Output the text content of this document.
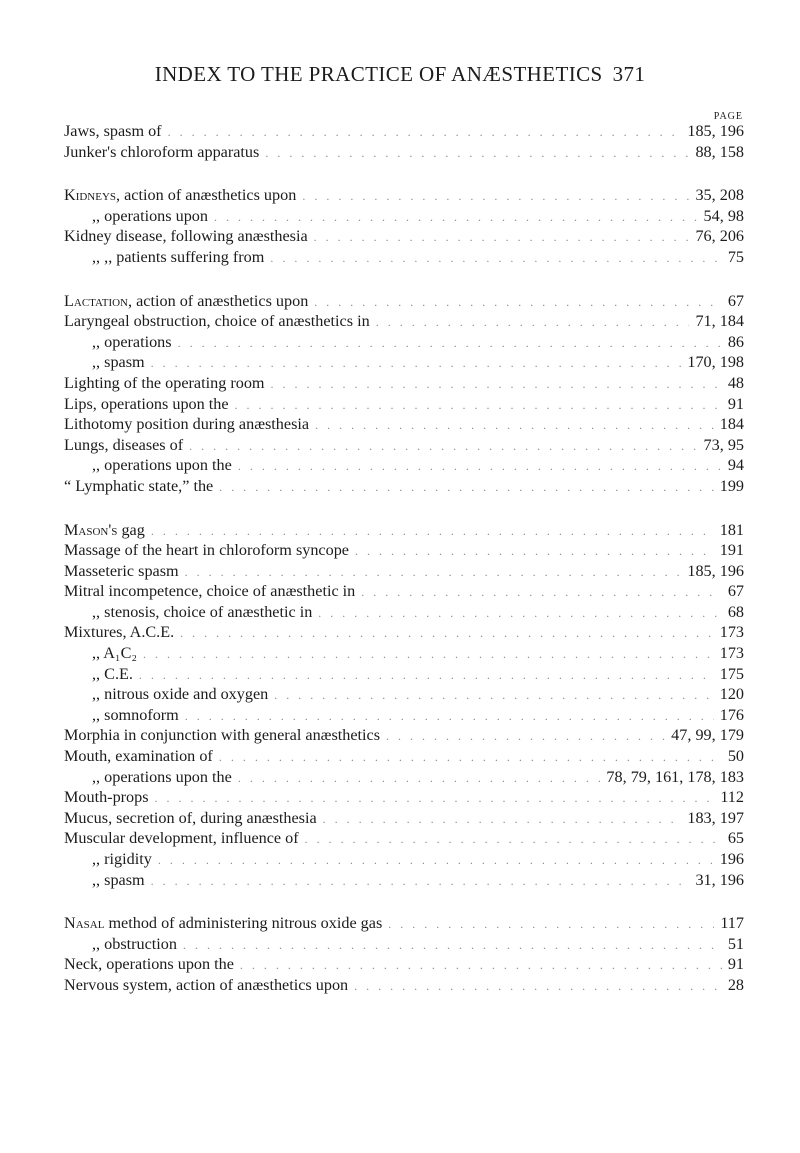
INDEX TO THE PRACTICE OF ANÆSTHETICS 371
PAGE
Jaws, spasm of . . .	185, 196
Junker's chloroform apparatus . . .	88, 158
Kidneys, action of anæsthetics upon . . .	35, 208
,, operations upon . . .	54, 98
Kidney disease, following anæsthesia . . .	76, 206
,, ,, patients suffering from . . .	75
Lactation, action of anæsthetics upon . . .	67
Laryngeal obstruction, choice of anæsthetics in . . .	71, 184
,, operations . . .	86
,, spasm . . .	170, 198
Lighting of the operating room . . .	48
Lips, operations upon the . . .	91
Lithotomy position during anæsthesia . . .	184
Lungs, diseases of . . .	73, 95
,, operations upon the . . .	94
“ Lymphatic state,” the . . .	199
Mason's gag . . .	181
Massage of the heart in chloroform syncope . . .	191
Masseteric spasm . . .	185, 196
Mitral incompetence, choice of anæsthetic in . . .	67
,, stenosis, choice of anæsthetic in . . .	68
Mixtures, A.C.E. . . .	173
,, A₁C₂ . . .	173
,, C.E. . . .	175
,, nitrous oxide and oxygen . . .	120
,, somnoform . . .	176
Morphia in conjunction with general anæsthetics . . .	47, 99, 179
Mouth, examination of . . .	50
,, operations upon the . . .	78, 79, 161, 178, 183
Mouth-props . . .	112
Mucus, secretion of, during anæsthesia . . .	183, 197
Muscular development, influence of . . .	65
,, rigidity . . .	196
,, spasm . . .	31, 196
Nasal method of administering nitrous oxide gas . . .	117
,, obstruction . . .	51
Neck, operations upon the . . .	91
Nervous system, action of anæsthetics upon . . .	28
